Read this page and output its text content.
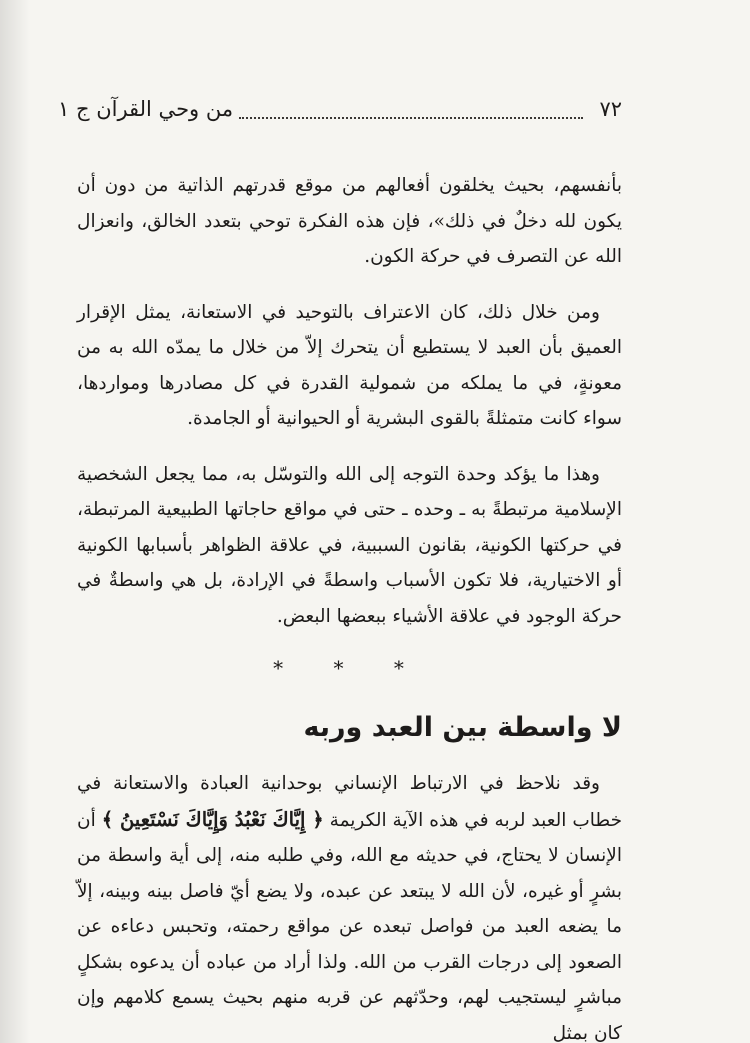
٧٢
من وحي القرآن ج ١

بأنفسهم، بحيث يخلقون أفعالهم من موقع قدرتهم الذاتية من دون أن يكون لله دخلٌ في ذلك»، فإن هذه الفكرة توحي بتعدد الخالق، وانعزال الله عن التصرف في حركة الكون.

ومن خلال ذلك، كان الاعتراف بالتوحيد في الاستعانة، يمثل الإقرار العميق بأن العبد لا يستطيع أن يتحرك إلاّ من خلال ما يمدّه الله به من معونةٍ، في ما يملكه من شمولية القدرة في كل مصادرها ومواردها، سواء كانت متمثلةً بالقوى البشرية أو الحيوانية أو الجامدة.

وهذا ما يؤكد وحدة التوجه إلى الله والتوسّل به، مما يجعل الشخصية الإسلامية مرتبطةً به ـ وحده ـ حتى في مواقع حاجاتها الطبيعية المرتبطة، في حركتها الكونية، بقانون السببية، في علاقة الظواهر بأسبابها الكونية أو الاختيارية، فلا تكون الأسباب واسطةً في الإرادة، بل هي واسطةٌ في حركة الوجود في علاقة الأشياء ببعضها البعض.

* * *
لا واسطة بين العبد وربه

وقد نلاحظ في الارتباط الإنساني بوحدانية العبادة والاستعانة في خطاب العبد لربه في هذه الآية الكريمة ﴿ إِيَّاكَ نَعْبُدُ وَإِيَّاكَ نَسْتَعِينُ ﴾ أن الإنسان لا يحتاج، في حديثه مع الله، وفي طلبه منه، إلى أية واسطة من بشرٍ أو غيره، لأن الله لا يبتعد عن عبده، ولا يضع أيّ فاصل بينه وبينه، إلاّ ما يضعه العبد من فواصل تبعده عن مواقع رحمته، وتحبس دعاءه عن الصعود إلى درجات القرب من الله. ولذا أراد من عباده أن يدعوه بشكلٍ مباشرٍ ليستجيب لهم، وحدّثهم عن قربه منهم بحيث يسمع كلامهم وإن كان بمثل
